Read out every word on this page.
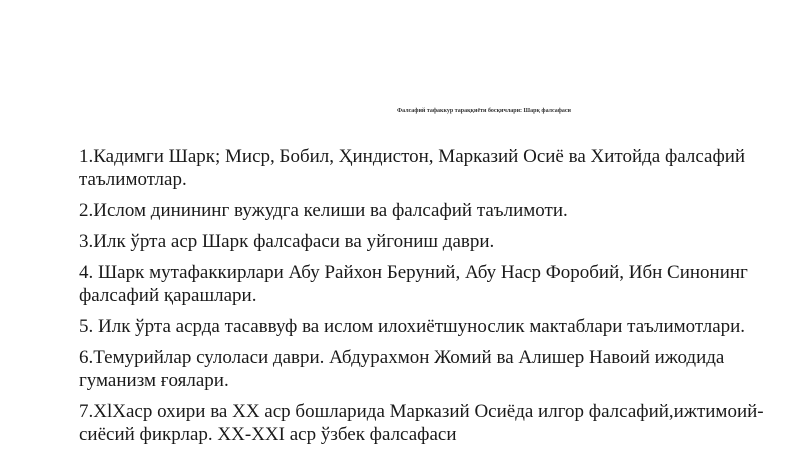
Фалсафий тафаккур тараққиёти босқичлари: Шарқ фалсафаси
1.Кадимги Шарк; Миср, Бобил, Ҳиндистон, Марказий Осиё ва Хитойда фалсафий таълимотлар.
2.Ислом динининг вужудга келиши ва фалсафий таълимоти.
3.Илк ўрта аср Шарк фалсафаси ва уйгониш даври.
4. Шарк мутафаккирлари Абу Райхон Беруний, Абу Наср Форобий, Ибн Синонинг фалсафий қарашлари.
5. Илк ўрта асрда тасаввуф ва ислом илохиётшунослик мактаблари таълимотлари.
6.Темурийлар сулоласи даври. Абдурахмон Жомий ва Алишер Навоий ижодида гуманизм ғоялари.
7.XlХаср охири ва XX аср бошларида Марказий Осиёда илгор фалсафий,ижтимоий-сиёсий фикрлар. XX-XXI аср ўзбек фалсафаси
